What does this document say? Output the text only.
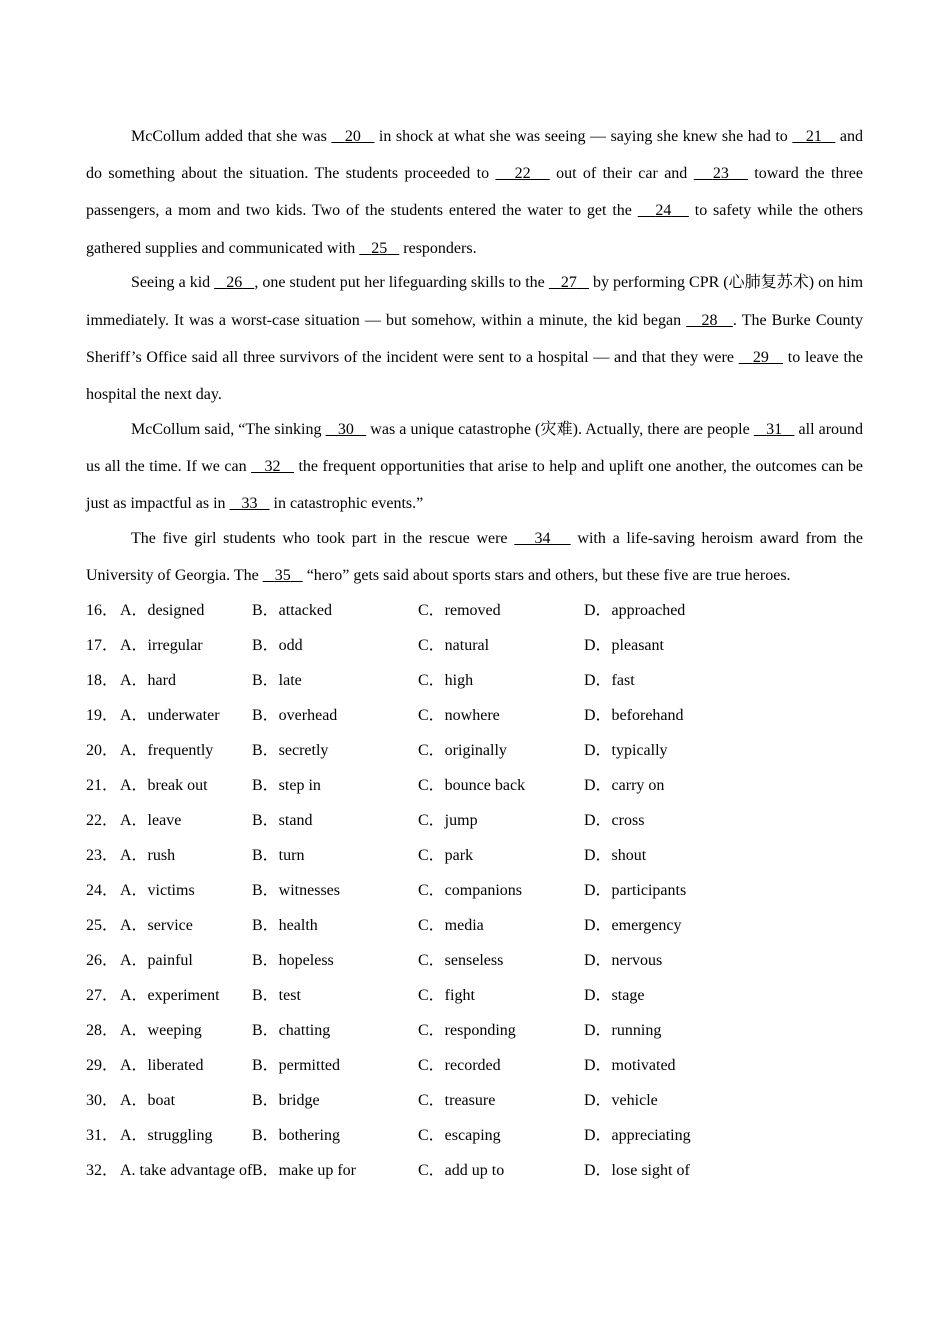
McCollum added that she was    20    in shock at what she was seeing — saying she knew she had to    21    and do something about the situation. The students proceeded to    22    out of their car and    23    toward the three passengers, a mom and two kids. Two of the students entered the water to get the    24    to safety while the others gathered supplies and communicated with    25    responders.

Seeing a kid    26 , one student put her lifeguarding skills to the    27    by performing CPR (心肺复苏术) on him immediately. It was a worst-case situation — but somehow, within a minute, the kid began    28 . The Burke County Sheriff’s Office said all three survivors of the incident were sent to a hospital — and that they were    29    to leave the hospital the next day.

McCollum said, “The sinking    30    was a unique catastrophe (灾难). Actually, there are people    31    all around us all the time. If we can    32    the frequent opportunities that arise to help and uplift one another, the outcomes can be just as impactful as in    33    in catastrophic events.”

The five girl students who took part in the rescue were    34    with a life-saving heroism award from the University of Georgia. The    35    “hero” gets said about sports stars and others, but these five are true heroes.

16． A．designed	B．attacked	C．removed	D．approached
17． A．irregular	B．odd	C．natural	D．pleasant
18． A．hard	B．late	C．high	D．fast
19． A．underwater B．overhead	C．nowhere	D．beforehand
20． A．frequently B．secretly	C．originally	D．typically
21． A．break out	B．step in	C．bounce back	D．carry on
22． A．leave	B．stand	C．jump	D．cross
23． A．rush	B．turn	C．park	D．shout
24． A．victims	B．witnesses	C．companions	D．participants
25． A．service	B．health	C．media	D．emergency
26． A．painful	B．hopeless	C．senseless	D．nervous
27． A．experiment B．test	C．fight	D．stage
28． A．weeping	B．chatting	C．responding	D．running
29． A．liberated	B．permitted	C．recorded	D．motivated
30． A．boat	B．bridge	C．treasure	D．vehicle
31． A．struggling B．bothering	C．escaping	D．appreciating
32． A. take advantage of B．make up for	C．add up to	D．lose sight of
